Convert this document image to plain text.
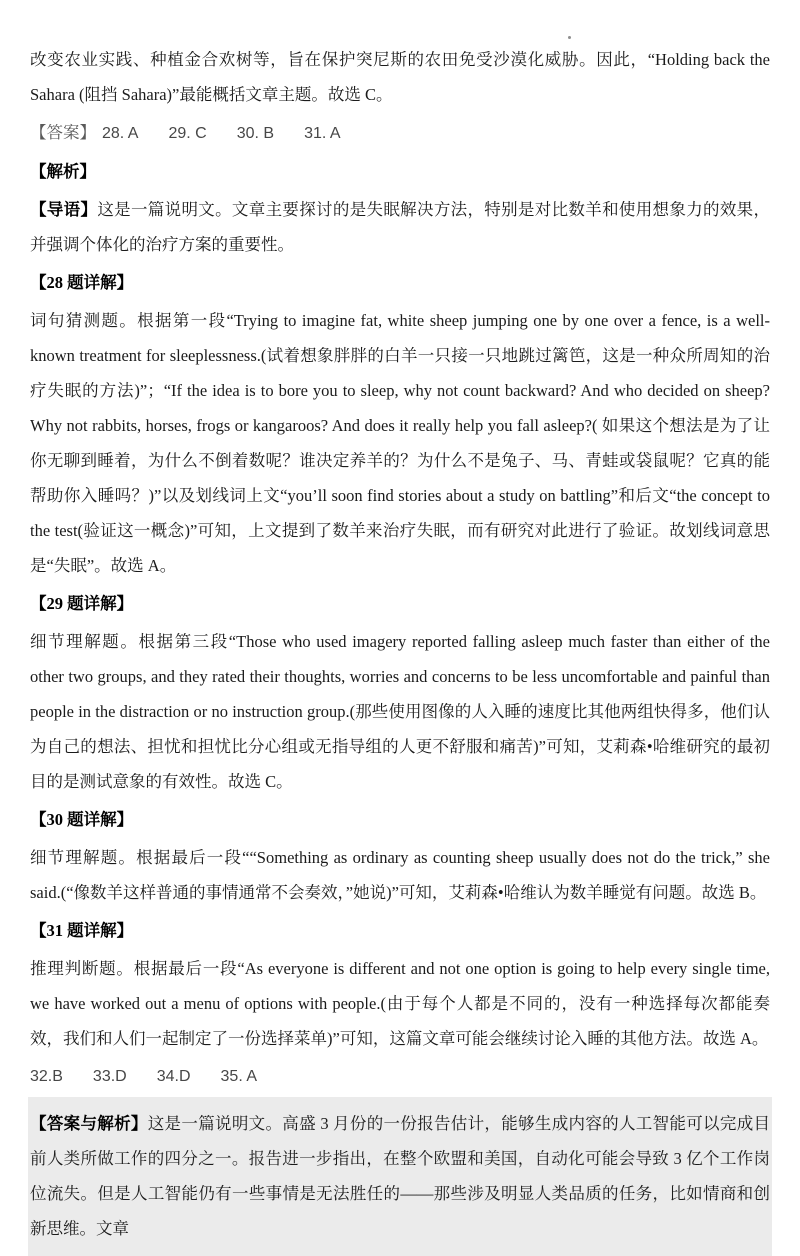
改变农业实践、种植金合欢树等，旨在保护突尼斯的农田免受沙漠化威胁。因此，“Holding back the Sahara (阻挡 Sahara)”最能概括文章主题。故选 C。

【答案】 28. A 29. C 30. B 31. A

【解析】

【导语】这是一篇说明文。文章主要探讨的是失眠解决方法，特别是对比数羊和使用想象力的效果，并强调个体化的治疗方案的重要性。

【28 题详解】

词句猜测题。根据第一段“Trying to imagine fat, white sheep jumping one by one over a fence, is a well- known treatment for sleeplessness.(试着想象胖胖的白羊一只接一只地跳过篱笆，这是一种众所周知的治疗失眠的方法)”；“If the idea is to bore you to sleep, why not count backward? And who decided on sheep? Why not rabbits, horses, frogs or kangaroos? And does it really help you fall asleep?( 如果这个想法是为了让你无聊到睡着，为什么不倒着数呢？谁决定养羊的？为什么不是兔子、马、青蛙或袋鼠呢？它真的能帮助你入睡吗？)”以及划线词上文“you’ll soon find stories about a study on battling”和后文“the concept to the test(验证这一概念)”可知，上文提到了数羊来治疗失眠，而有研究对此进行了验证。故划线词意思是“失眠”。故选 A。

【29 题详解】

细节理解题。根据第三段“Those who used imagery reported falling asleep much faster than either of the other two groups, and they rated their thoughts, worries and concerns to be less uncomfortable and painful than people in the distraction or no instruction group.(那些使用图像的人入睡的速度比其他两组快得多，他们认为自己的想法、担忧和担忧比分心组或无指导组的人更不舒服和痛苦)”可知，艾莉森•哈维研究的最初目的是测试意象的有效性。故选 C。

【30 题详解】

细节理解题。根据最后一段““Something as ordinary as counting sheep usually does not do the trick,” she said.(“像数羊这样普通的事情通常不会奏效，”她说)”可知，艾莉森•哈维认为数羊睡觉有问题。故选 B。

【31 题详解】

推理判断题。根据最后一段“As everyone is different and not one option is going to help every single time, we have worked out a menu of options with people.(由于每个人都是不同的，没有一种选择每次都能奏效，我们和人们一起制定了一份选择菜单)”可知，这篇文章可能会继续讨论入睡的其他方法。故选 A。

32.B 33.D 34.D 35. A

【答案与解析】这是一篇说明文。高盛 3 月份的一份报告估计，能够生成内容的人工智能可以完成目前人类所做工作的四分之一。报告进一步指出，在整个欧盟和美国，自动化可能会导致 3 亿个工作岗位流失。但是人工智能仍有一些事情是无法胜任的——那些涉及明显人类品质的任务，比如情商和创新思维。文章
